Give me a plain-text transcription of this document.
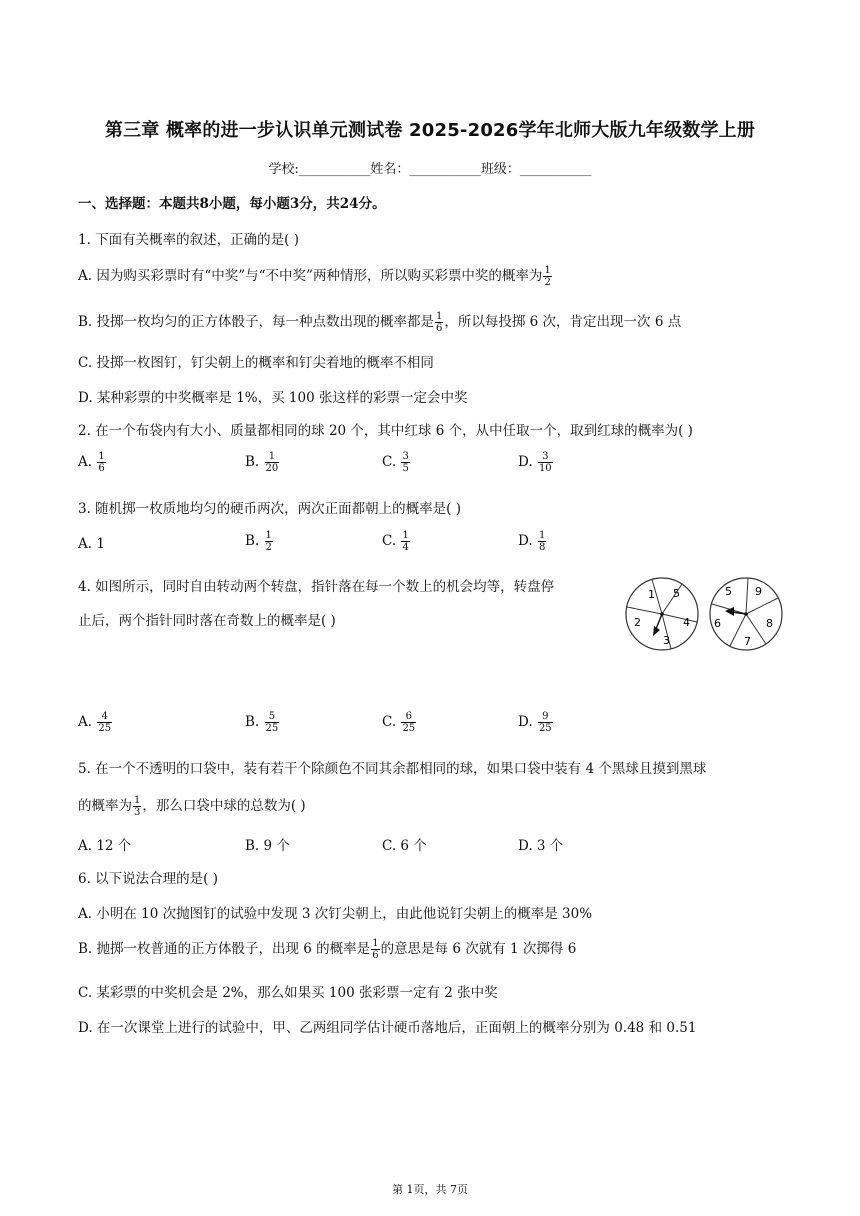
第三章 概率的进一步认识单元测试卷 2025-2026学年北师大版九年级数学上册
学校:___________姓名：___________班级：___________
一、选择题：本题共8小题，每小题3分，共24分。
1. 下面有关概率的叙述，正确的是( )
A. 因为购买彩票时有“中奖”与“不中奖”两种情形，所以购买彩票中奖的概率为 $\frac{1}{2}$
B. 投掷一枚均匀的正方体骰子，每一种点数出现的概率都是 $\frac{1}{6}$ ，所以每投掷 6 次，肯定出现一次 6 点
C. 投掷一枚图钉，钉尖朝上的概率和钉尖着地的概率不相同
D. 某种彩票的中奖概率是 1%，买 100 张这样的彩票一定会中奖
2. 在一个布袋内有大小、质量都相同的球 20 个，其中红球 6 个，从中任取一个，取到红球的概率为( )
A. $\frac{1}{6}$	B. $\frac{1}{20}$	C. $\frac{3}{5}$	D. $\frac{3}{10}$
3. 随机掷一枚质地均匀的硬币两次，两次正面都朝上的概率是( )
A. 1	B. $\frac{1}{2}$	C. $\frac{1}{4}$	D. $\frac{1}{8}$
4. 如图所示，同时自由转动两个转盘，指针落在每一个数上的机会均等，转盘停
止后，两个指针同时落在奇数上的概率是( )
1 5
2	4
3
5 9
6	8
7
A. $\frac{4}{25}$	B. $\frac{5}{25}$	C. $\frac{6}{25}$	D. $\frac{9}{25}$
5. 在一个不透明的口袋中，装有若干个除颜色不同其余都相同的球，如果口袋中装有 4 个黑球且摸到黑球
的概率为 $\frac{1}{3}$ ，那么口袋中球的总数为( )
A. 12 个	B. 9 个	C. 6 个	D. 3 个
6. 以下说法合理的是( )
A. 小明在 10 次抛图钉的试验中发现 3 次钉尖朝上，由此他说钉尖朝上的概率是 30%
B. 抛掷一枚普通的正方体骰子，出现 6 的概率是 $\frac{1}{6}$ 的意思是每 6 次就有 1 次掷得 6
C. 某彩票的中奖机会是 2%，那么如果买 100 张彩票一定有 2 张中奖
D. 在一次课堂上进行的试验中，甲、乙两组同学估计硬币落地后，正面朝上的概率分别为 0.48 和 0.51
第 1页，共 7页
